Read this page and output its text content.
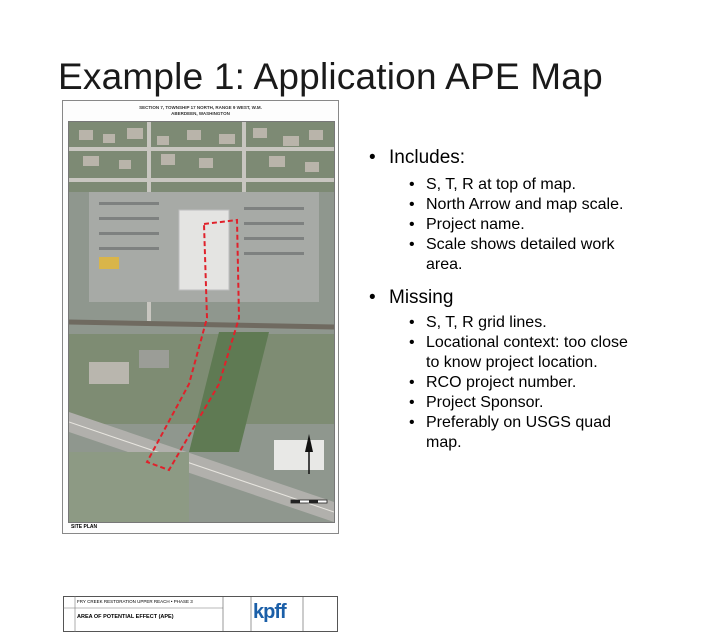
Example 1: Application APE Map
SECTION 7, TOWNSHIP 17 NORTH, RANGE 9 WEST, W.M.
ABERDEEN, WASHINGTON
SITE PLAN
FRY CREEK RESTORATION UPPER REACH • PHASE 3
AREA OF POTENTIAL EFFECT (APE)	kpff
• Includes:
• S, T, R at top of map.
• North Arrow and map scale.
• Project name.
• Scale shows detailed work area.
• Missing
• S, T, R grid lines.
• Locational context: too close to know project location.
• RCO project number.
• Project Sponsor.
• Preferably on USGS quad map.
